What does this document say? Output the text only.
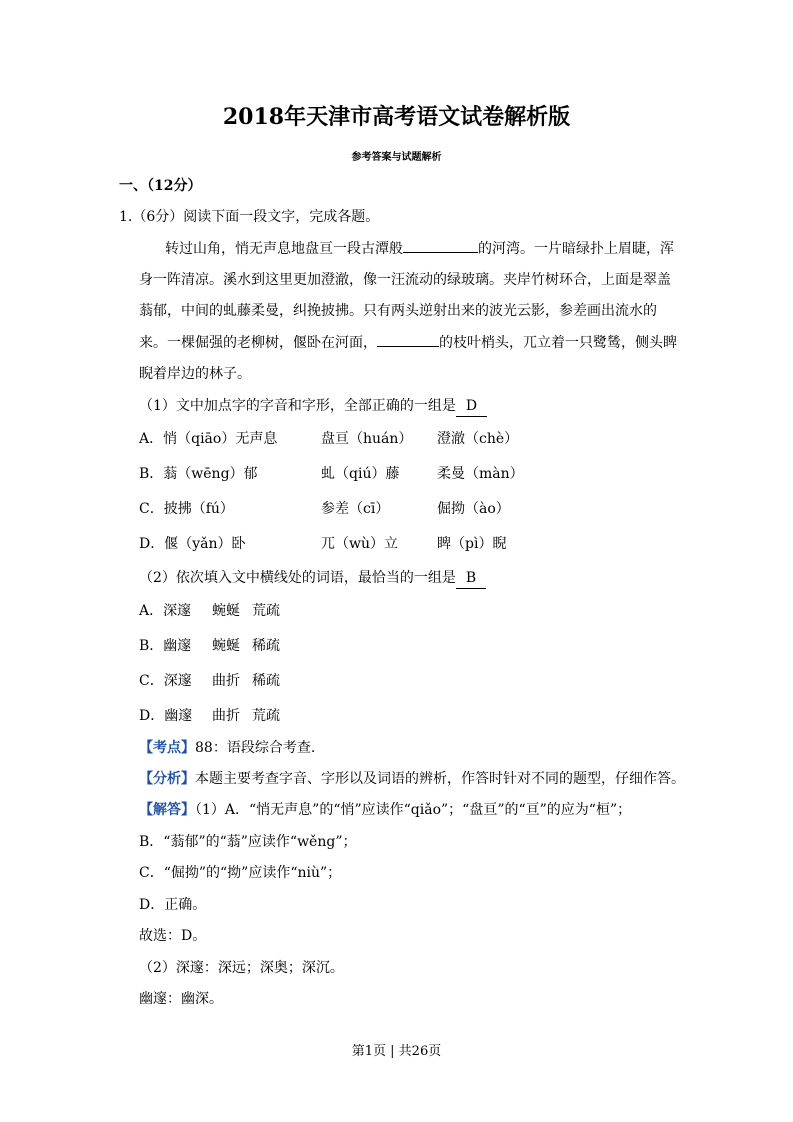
2018年天津市高考语文试卷解析版
参考答案与试题解析
一、（12分）
1.（6分）阅读下面一段文字，完成各题。
转过山角，悄无声息地盘亘一段古潭般	的河湾。一片暗绿扑上眉睫，浑
身一阵清凉。溪水到这里更加澄澈，像一汪流动的绿玻璃。夹岸竹树环合，上面是翠盖
蓊郁，中间的虬藤柔曼，纠挽披拂。只有两头逆射出来的波光云影，参差画出流水的
来。一棵倔强的老柳树，偃卧在河面，	的枝叶梢头，兀立着一只鹭鸶，侧头睥
睨着岸边的林子。
（1）文中加点字的字音和字形，全部正确的一组是 D
A．悄（qiāo）无声息	盘亘（huán） 澄澈（chè）
B．蓊（wēng）郁	虬（qiú）藤	柔曼（màn）
C．披拂（fú）	参差（cī）	倔拗（ào）
D．偃（yǎn）卧	兀（wù）立	睥（pì）睨
（2）依次填入文中横线处的词语，最恰当的一组是 B
A．深邃 蜿蜒 荒疏
B．幽邃 蜿蜒 稀疏
C．深邃 曲折 稀疏
D．幽邃 曲折 荒疏
【考点】88：语段综合考查.
【分析】本题主要考查字音、字形以及词语的辨析，作答时针对不同的题型，仔细作答。
【解答】（1）A．“悄无声息”的“悄”应读作“qiǎo”；“盘亘”的“亘”的应为“桓”；
B．“蓊郁”的“蓊”应读作“wěng”；
C．“倔拗”的“拗”应读作“niù”；
D．正确。
故选：D。
（2）深邃：深远；深奥；深沉。
幽邃：幽深。
第1页 | 共26页
